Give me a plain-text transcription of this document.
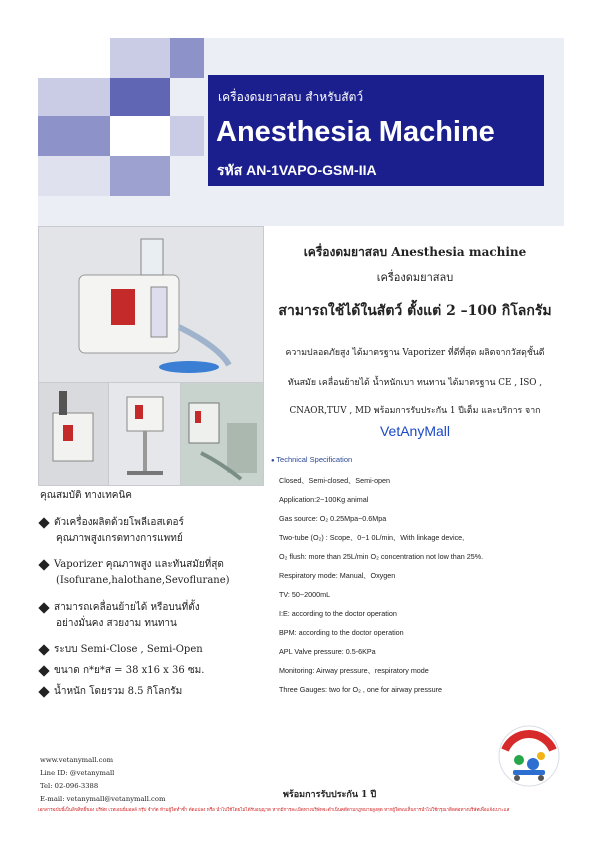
เครื่องดมยาสลบ สำหรับสัตว์
Anesthesia Machine
รหัส AN-1VAPO-GSM-IIA
เครื่องดมยาสลบ Anesthesia machine
เครื่องดมยาสลบ
สามารถใช้ได้ในสัตว์ ตั้งแต่ 2 –100 กิโลกรัม
ความปลอดภัยสูง ได้มาตรฐาน Vaporizer ที่ดีที่สุด ผลิตจากวัสดุชั้นดี
ทันสมัย เคลื่อนย้ายได้ น้ำหนักเบา ทนทาน ได้มาตรฐาน CE , ISO ,
CNAOR,TUV , MD พร้อมการรับประกัน 1 ปีเต็ม และบริการ จาก
VetAnyMall
● Technical Specification
Closed、Semi-closed、Semi-open
Application:2~100Kg animal
Gas source: O₂ 0.25Mpa~0.6Mpa
Two-tube (O₂) : Scope、0~1 0L/min、With linkage device,
O₂ flush: more than 25L/min O₂ concentration not low than 25%.
Respiratory mode: Manual、Oxygen
TV: 50~2000mL
I:E: according to the doctor operation
BPM: according to the doctor operation
APL Valve pressure: 0.5-6KPa
Monitoring: Airway pressure、respiratory mode
Three Gauges: two for O₂ , one for airway pressure
คุณสมบัติ ทางเทคนิค
ตัวเครื่องผลิตด้วยโพลีเอสเตอร์
คุณภาพสูงเกรดทางการแพทย์
Vaporizer คุณภาพสูง และทันสมัยที่สุด
(Isofurane,halothane,Sevoflurane)
สามารถเคลื่อนย้ายได้ หรือบนที่ตั้ง
อย่างมั่นคง สวยงาม ทนทาน
ระบบ Semi-Close , Semi-Open
ขนาด ก*ย*ส = 38 x16 x 36 ซม.
น้ำหนัก โดยรวม 8.5 กิโลกรัม
www.vetanymall.com
Line ID: @vetanymall
Tel: 02-096-3388
E-mail: vetanymall@vetanymall.com	พร้อมการรับประกัน 1 ปี
เอกสารฉบับนี้เป็นลิขสิทธิ์ของ บริษัท เวทเอนนี่มอลล์ กรุ๊ป จำกัด ห้ามผู้ใดทำซ้ำ ดัดแปลง หรือ นำไปใช้โดยไม่ได้รับอนุญาต หากมีการละเมิดทางบริษัทจะดำเนินคดีตามกฎหมายสูงสุด หากผู้ใดพบเห็นการนำไปใช้กรุณาติดต่อทางบริษัทเพื่อแจ้งเบาะแส
